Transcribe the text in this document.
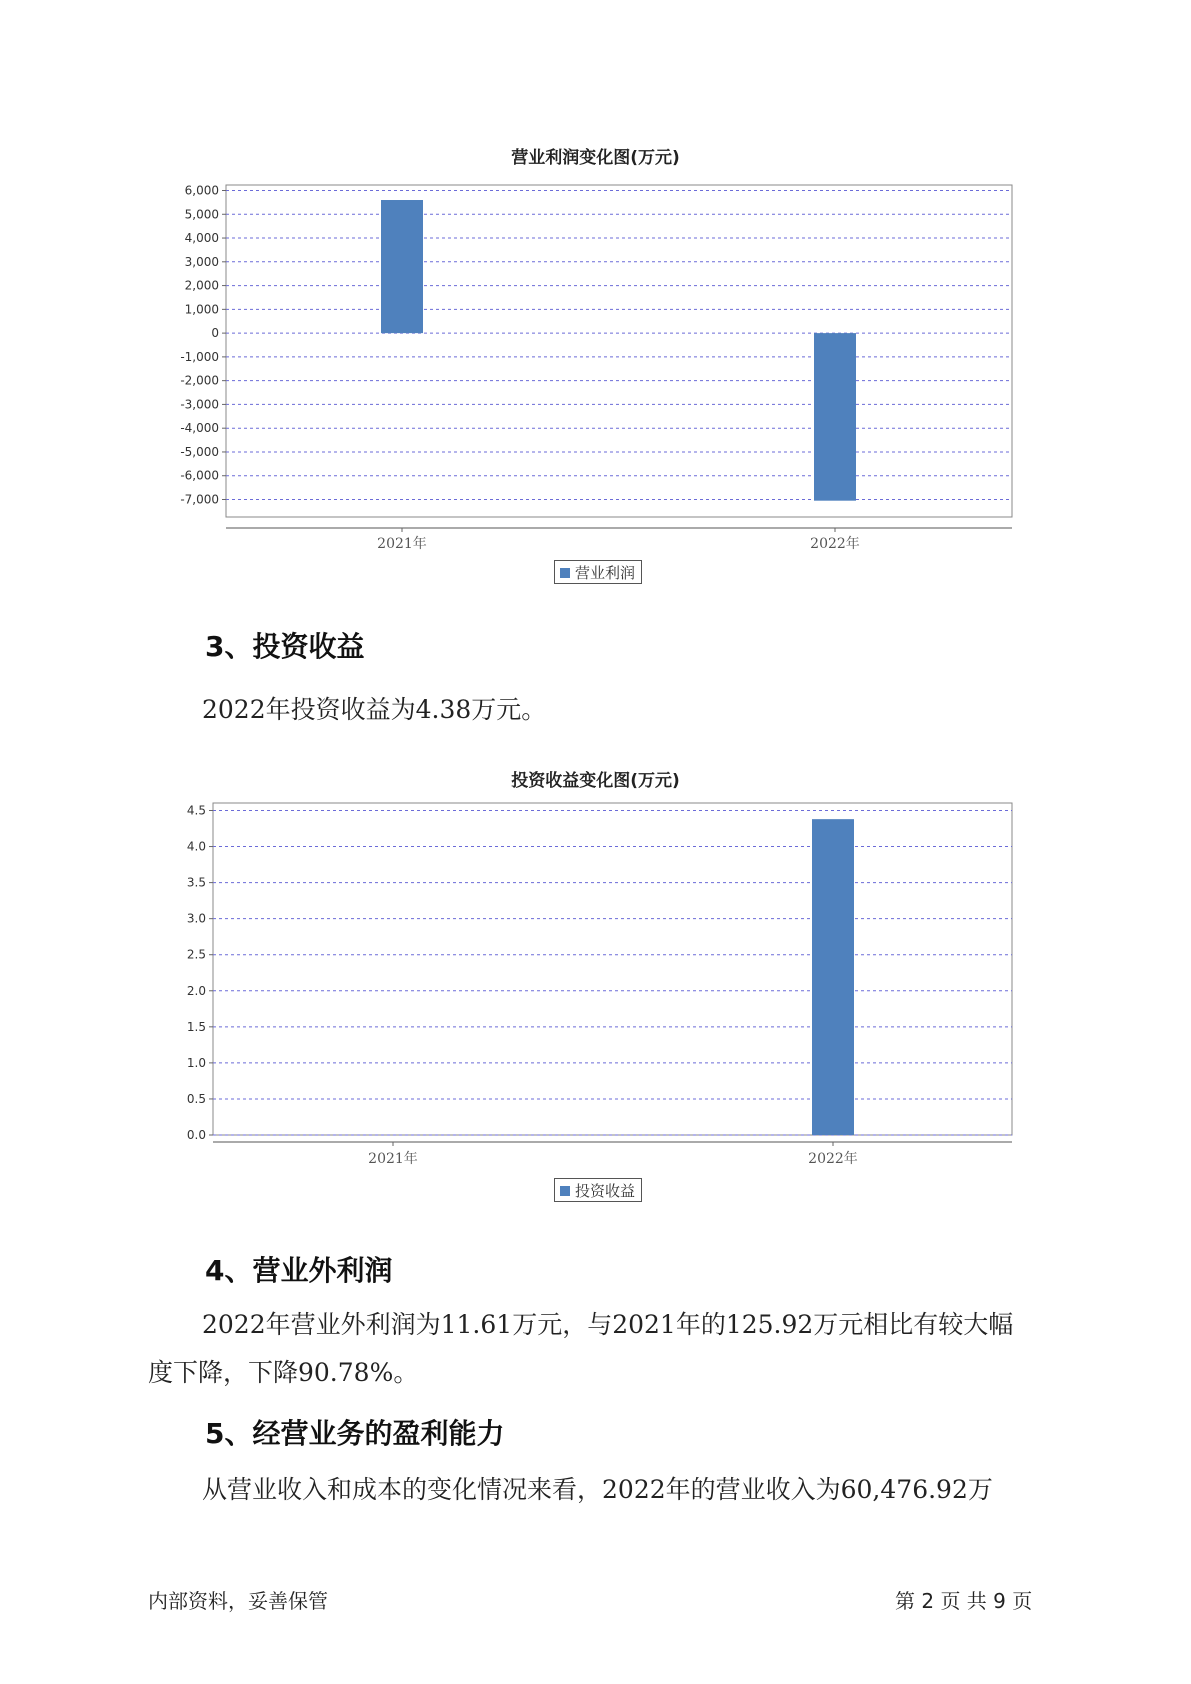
营业利润变化图(万元)
6,000
5,000
4,000
3,000
2,000
1,000
0
-1,000
-2,000
-3,000
-4,000
-5,000
-6,000
-7,000
2021年	2022年
营业利润
3、投资收益
2022年投资收益为4.38万元。
投资收益变化图(万元)
4.5
4.0
3.5
3.0
2.5
2.0
1.5
1.0
0.5
0.0
2021年	2022年
投资收益
4、营业外利润
2022年营业外利润为11.61万元，与2021年的125.92万元相比有较大幅
度下降，下降90.78%。
5、经营业务的盈利能力
从营业收入和成本的变化情况来看，2022年的营业收入为60,476.92万
内部资料，妥善保管	第 2 页 共 9 页
